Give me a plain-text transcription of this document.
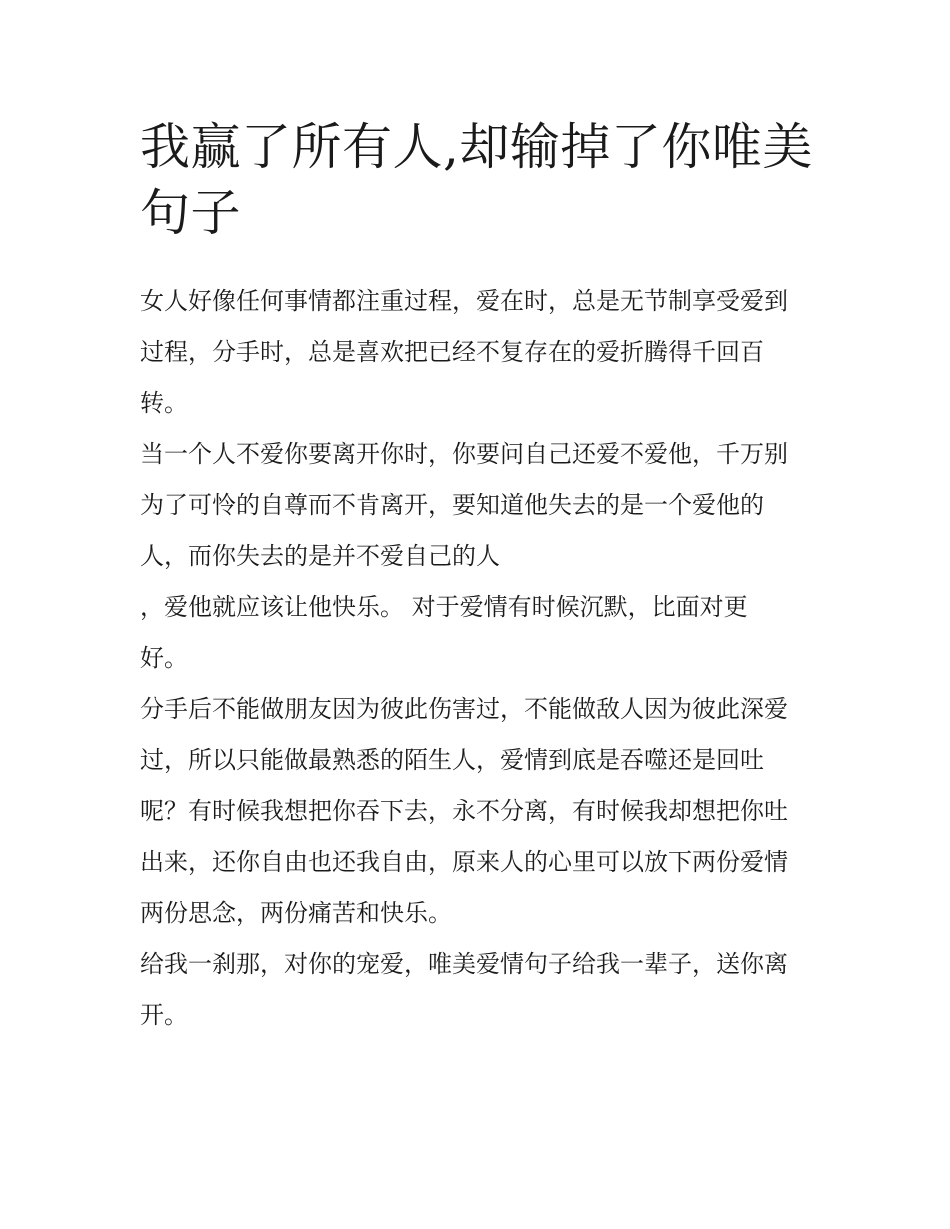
我赢了所有人,却输掉了你唯美
句子
女人好像任何事情都注重过程，爱在时，总是无节制享受爱到
过程，分手时，总是喜欢把已经不复存在的爱折腾得千回百
转。
当一个人不爱你要离开你时，你要问自己还爱不爱他，千万别
为了可怜的自尊而不肯离开，要知道他失去的是一个爱他的
人，而你失去的是并不爱自己的人
，爱他就应该让他快乐。 对于爱情有时候沉默，比面对更
好。
分手后不能做朋友因为彼此伤害过，不能做敌人因为彼此深爱
过，所以只能做最熟悉的陌生人，爱情到底是吞噬还是回吐
呢？有时候我想把你吞下去，永不分离，有时候我却想把你吐
出来，还你自由也还我自由，原来人的心里可以放下两份爱情
两份思念，两份痛苦和快乐。
给我一刹那，对你的宠爱，唯美爱情句子给我一辈子，送你离
开。
